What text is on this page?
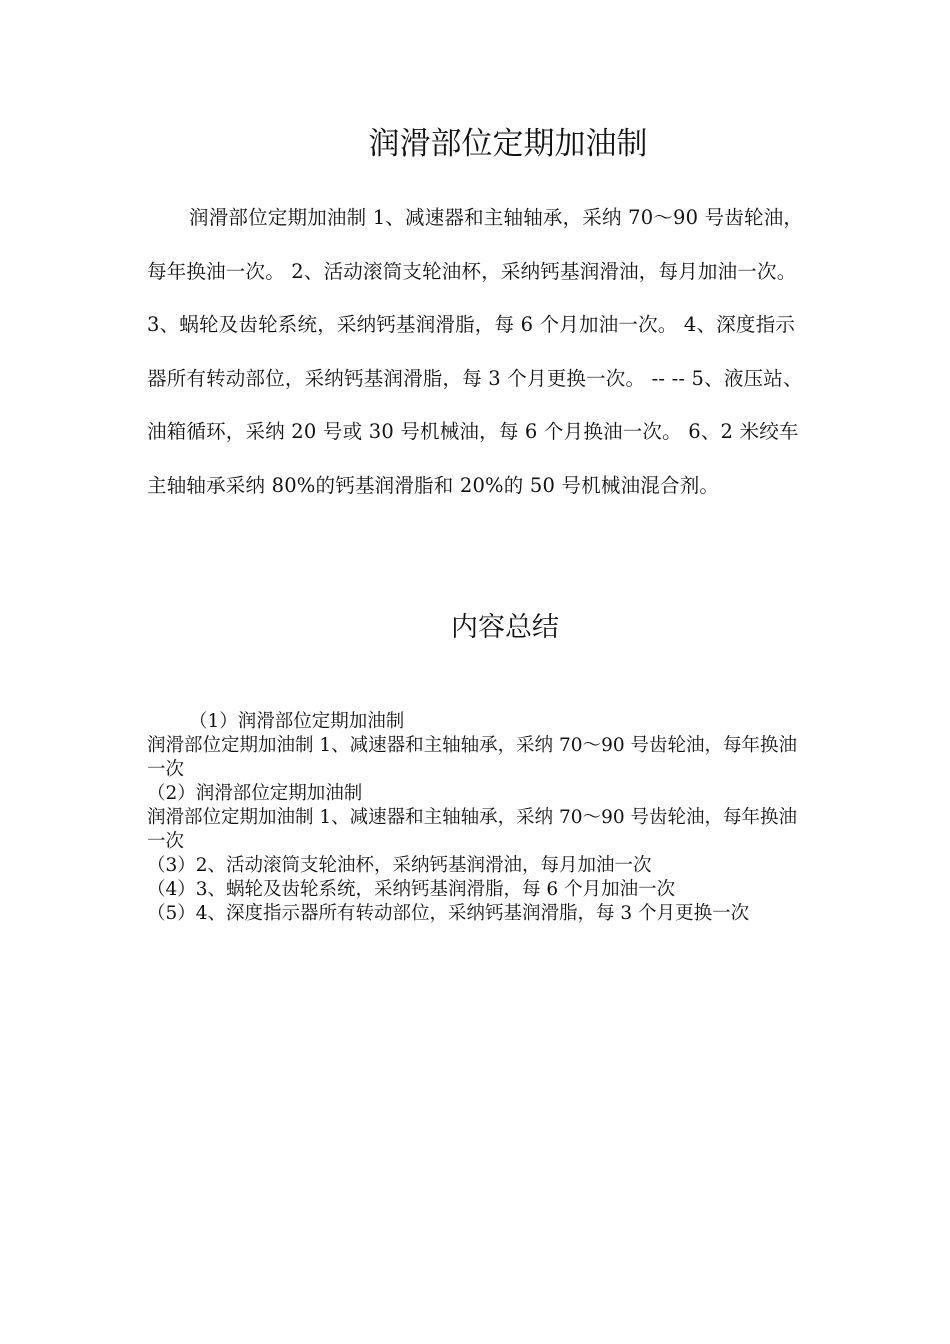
润滑部位定期加油制

润滑部位定期加油制 1、减速器和主轴轴承，采纳 70～90 号齿轮油，每年换油一次。 2、活动滚筒支轮油杯，采纳钙基润滑油，每月加油一次。 3、蜗轮及齿轮系统，采纳钙基润滑脂，每 6 个月加油一次。 4、深度指示器所有转动部位，采纳钙基润滑脂，每 3 个月更换一次。 -- -- 5、液压站、油箱循环，采纳 20 号或 30 号机械油，每 6 个月换油一次。 6、2 米绞车主轴轴承采纳 80%的钙基润滑脂和 20%的 50 号机械油混合剂。

内容总结
（1）润滑部位定期加油制
润滑部位定期加油制 1、减速器和主轴轴承，采纳 70～90 号齿轮油，每年换油一次
（2）润滑部位定期加油制
润滑部位定期加油制 1、减速器和主轴轴承，采纳 70～90 号齿轮油，每年换油一次
（3）2、活动滚筒支轮油杯，采纳钙基润滑油，每月加油一次
（4）3、蜗轮及齿轮系统，采纳钙基润滑脂，每 6 个月加油一次
（5）4、深度指示器所有转动部位，采纳钙基润滑脂，每 3 个月更换一次
